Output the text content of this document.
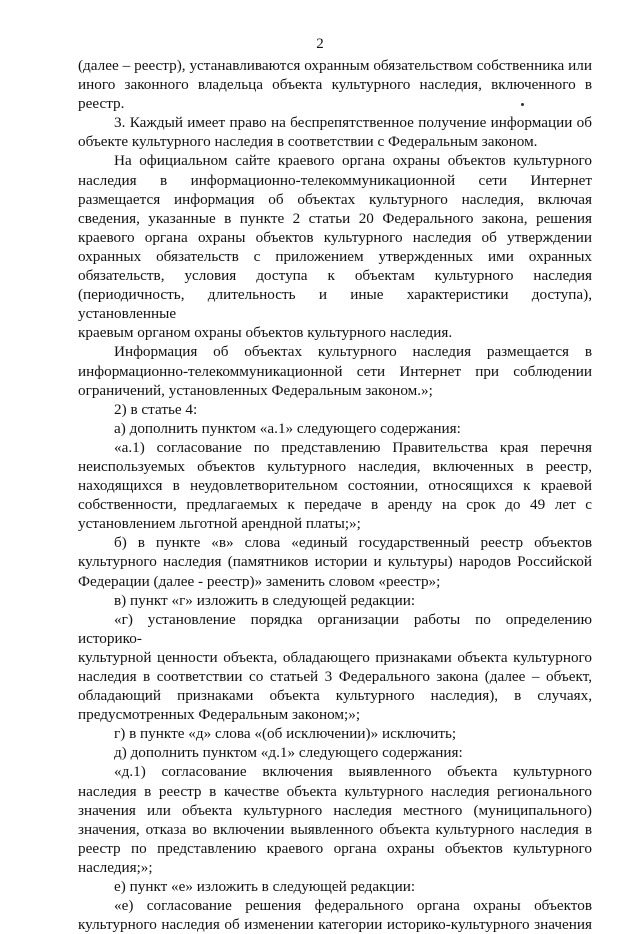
2
(далее – реестр), устанавливаются охранным обязательством собственника или
иного законного владельца объекта культурного наследия, включенного в
реестр.
3. Каждый имеет право на беспрепятственное получение информации об
объекте культурного наследия в соответствии с Федеральным законом.
На официальном сайте краевого органа охраны объектов культурного
наследия в информационно-телекоммуникационной сети Интернет
размещается информация об объектах культурного наследия, включая
сведения, указанные в пункте 2 статьи 20 Федерального закона, решения
краевого органа охраны объектов культурного наследия об утверждении
охранных обязательств с приложением утвержденных ими охранных
обязательств, условия доступа к объектам культурного наследия
(периодичность, длительность и иные характеристики доступа), установленные
краевым органом охраны объектов культурного наследия.
Информация об объектах культурного наследия размещается в
информационно-телекоммуникационной сети Интернет при соблюдении
ограничений, установленных Федеральным законом.»;
2) в статье 4:
а) дополнить пунктом «а.1» следующего содержания:
«а.1) согласование по представлению Правительства края перечня
неиспользуемых объектов культурного наследия, включенных в реестр,
находящихся в неудовлетворительном состоянии, относящихся к краевой
собственности, предлагаемых к передаче в аренду на срок до 49 лет с
установлением льготной арендной платы;»;
б) в пункте «в» слова «единый государственный реестр объектов
культурного наследия (памятников истории и культуры) народов Российской
Федерации (далее - реестр)» заменить словом «реестр»;
в) пункт «г» изложить в следующей редакции:
«г) установление порядка организации работы по определению историко-
культурной ценности объекта, обладающего признаками объекта культурного
наследия в соответствии со статьей 3 Федерального закона (далее – объект,
обладающий признаками объекта культурного наследия), в случаях,
предусмотренных Федеральным законом;»;
г) в пункте «д» слова «(об исключении)» исключить;
д) дополнить пунктом «д.1» следующего содержания:
«д.1) согласование включения выявленного объекта культурного
наследия в реестр в качестве объекта культурного наследия регионального
значения или объекта культурного наследия местного (муниципального)
значения, отказа во включении выявленного объекта культурного наследия в
реестр по представлению краевого органа охраны объектов культурного
наследия;»;
е) пункт «е» изложить в следующей редакции:
«е) согласование решения федерального органа охраны объектов
культурного наследия об изменении категории историко-культурного значения
